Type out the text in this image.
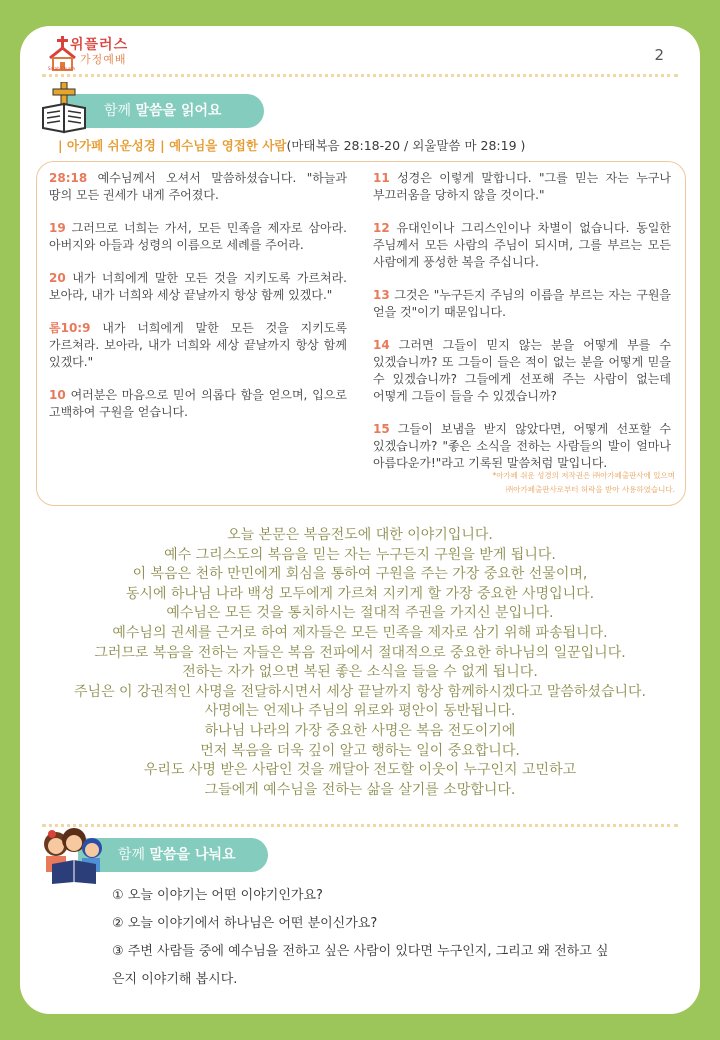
위플러스
가정예배
Sarah Church
2
함께 말씀을 읽어요
| 아가페 쉬운성경 | 예수님을 영접한 사람(마태복음 28:18-20 / 외울말씀 마 28:19 )
28:18 예수님께서 오셔서 말씀하셨습니다. "하늘과 땅의 모든 권세가 내게 주어졌다.
19 그러므로 너희는 가서, 모든 민족을 제자로 삼아라. 아버지와 아들과 성령의 이름으로 세례를 주어라.
20 내가 너희에게 말한 모든 것을 지키도록 가르쳐라. 보아라, 내가 너희와 세상 끝날까지 항상 함께 있겠다."
롬10:9 내가 너희에게 말한 모든 것을 지키도록 가르쳐라. 보아라, 내가 너희와 세상 끝날까지 항상 함께 있겠다."
10 여러분은 마음으로 믿어 의롭다 함을 얻으며, 입으로 고백하여 구원을 얻습니다.
11 성경은 이렇게 말합니다. "그를 믿는 자는 누구나 부끄러움을 당하지 않을 것이다."
12 유대인이나 그리스인이나 차별이 없습니다. 동일한 주님께서 모든 사람의 주님이 되시며, 그를 부르는 모든 사람에게 풍성한 복을 주십니다.
13 그것은 "누구든지 주님의 이름을 부르는 자는 구원을 얻을 것"이기 때문입니다.
14 그러면 그들이 믿지 않는 분을 어떻게 부를 수 있겠습니까? 또 그들이 들은 적이 없는 분을 어떻게 믿을 수 있겠습니까? 그들에게 선포해 주는 사람이 없는데 어떻게 그들이 들을 수 있겠습니까?
15 그들이 보냄을 받지 않았다면, 어떻게 선포할 수 있겠습니까? "좋은 소식을 전하는 사람들의 발이 얼마나 아름다운가!"라고 기록된 말씀처럼 말입니다.
*아가페 쉬운 성경의 저작권은 ㈜아가페출판사에 있으며
㈜아가페출판사로부터 허락을 받아 사용하였습니다.
오늘 본문은 복음전도에 대한 이야기입니다.
예수 그리스도의 복음을 믿는 자는 누구든지 구원을 받게 됩니다.
이 복음은 천하 만민에게 회심을 통하여 구원을 주는 가장 중요한 선물이며,
동시에 하나님 나라 백성 모두에게 가르쳐 지키게 할 가장 중요한 사명입니다.
예수님은 모든 것을 통치하시는 절대적 주권을 가지신 분입니다.
예수님의 권세를 근거로 하여 제자들은 모든 민족을 제자로 삼기 위해 파송됩니다.
그러므로 복음을 전하는 자들은 복음 전파에서 절대적으로 중요한 하나님의 일꾼입니다.
전하는 자가 없으면 복된 좋은 소식을 들을 수 없게 됩니다.
주님은 이 강권적인 사명을 전달하시면서 세상 끝날까지 항상 함께하시겠다고 말씀하셨습니다.
사명에는 언제나 주님의 위로와 평안이 동반됩니다.
하나님 나라의 가장 중요한 사명은 복음 전도이기에
먼저 복음을 더욱 깊이 알고 행하는 일이 중요합니다.
우리도 사명 받은 사람인 것을 깨달아 전도할 이웃이 누구인지 고민하고
그들에게 예수님을 전하는 삶을 살기를 소망합니다.
함께 말씀을 나눠요
① 오늘 이야기는 어떤 이야기인가요?
② 오늘 이야기에서 하나님은 어떤 분이신가요?
③ 주변 사람들 중에 예수님을 전하고 싶은 사람이 있다면 누구인지, 그리고 왜 전하고 싶
은지 이야기해 봅시다.
